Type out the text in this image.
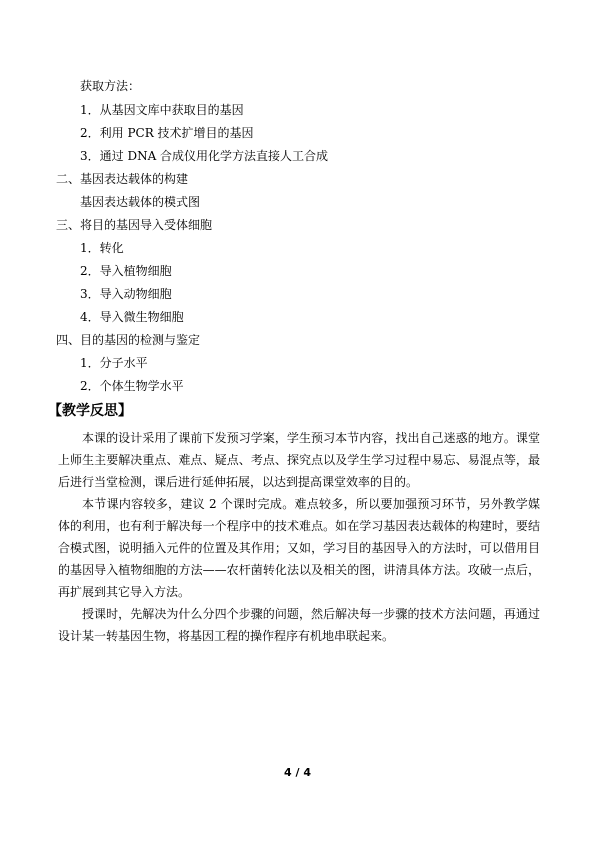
获取方法：
1．从基因文库中获取目的基因
2．利用 PCR 技术扩增目的基因
3．通过 DNA 合成仪用化学方法直接人工合成
二、基因表达载体的构建
基因表达载体的模式图
三、将目的基因导入受体细胞
1．转化
2．导入植物细胞
3．导入动物细胞
4．导入微生物细胞
四、目的基因的检测与鉴定
1．分子水平
2．个体生物学水平
【教学反思】

本课的设计采用了课前下发预习学案，学生预习本节内容，找出自己迷惑的地方。课堂上师生主要解决重点、难点、疑点、考点、探究点以及学生学习过程中易忘、易混点等，最后进行当堂检测，课后进行延伸拓展，以达到提高课堂效率的目的。

本节课内容较多，建议 2 个课时完成。难点较多，所以要加强预习环节，另外教学媒体的利用，也有利于解决每一个程序中的技术难点。如在学习基因表达载体的构建时，要结合模式图，说明插入元件的位置及其作用；又如，学习目的基因导入的方法时，可以借用目的基因导入植物细胞的方法——农杆菌转化法以及相关的图，讲清具体方法。攻破一点后，再扩展到其它导入方法。

授课时，先解决为什么分四个步骤的问题，然后解决每一步骤的技术方法问题，再通过设计某一转基因生物，将基因工程的操作程序有机地串联起来。

4 / 4
